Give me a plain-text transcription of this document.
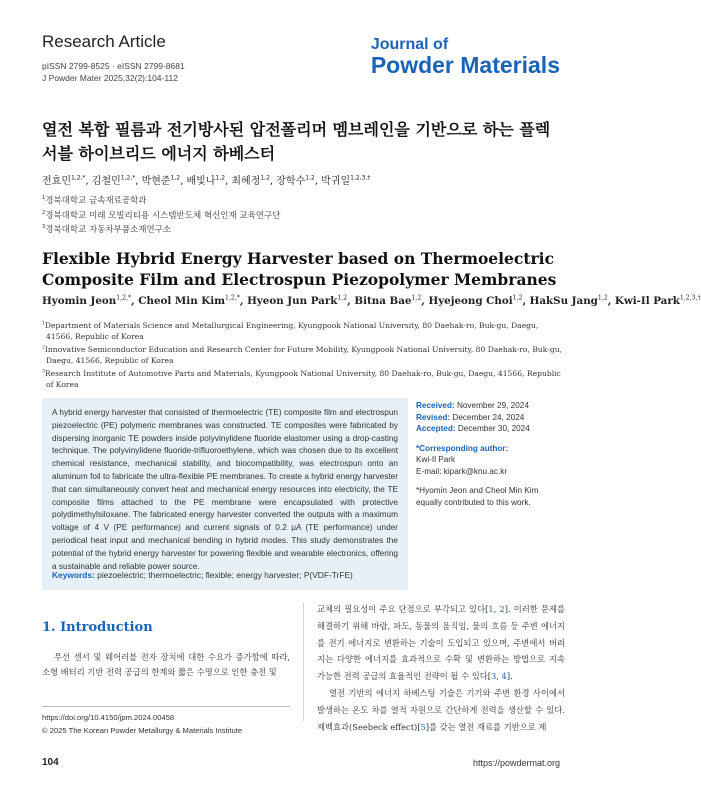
Research Article
pISSN 2799-8525 · eISSN 2799-8681
J Powder Mater 2025;32(2):104-112
Journal of
Powder Materials
열전 복합 필름과 전기방사된 압전폴리머 멤브레인을 기반으로 하는 플렉서블 하이브리드 에너지 하베스터
전효민$^{1,2,*}$, 김철민$^{1,2,*}$, 박현준$^{1,2}$, 배빛나$^{1,2}$, 최혜정$^{1,2}$, 장학수$^{1,2}$, 박귀일$^{1,2,3,\dagger}$
$^1$경북대학교 금속재료공학과
$^2$경북대학교 미래 모빌리티용 시스템반도체 혁신인재 교육연구단
$^3$경북대학교 자동차부품소재연구소
Flexible Hybrid Energy Harvester based on Thermoelectric Composite Film and Electrospun Piezopolymer Membranes
Hyomin Jeon$^{1,2,*}$, Cheol Min Kim$^{1,2,*}$, Hyeon Jun Park$^{1,2}$, Bitna Bae$^{1,2}$, Hyejeong Choi$^{1,2}$, HakSu Jang$^{1,2}$, Kwi-Il Park$^{1,2,3,\dagger}$
$^1$Department of Materials Science and Metallurgical Engineering, Kyungpook National University, 80 Daehak-ro, Buk-gu, Daegu, 41566, Republic of Korea
$^2$Innovative Semiconductor Education and Research Center for Future Mobility, Kyungpook National University, 80 Daehak-ro, Buk-gu, Daegu, 41566, Republic of Korea
$^3$Research Institute of Automotive Parts and Materials, Kyungpook National University, 80 Daehak-ro, Buk-gu, Daegu, 41566, Republic of Korea
A hybrid energy harvester that consisted of thermoelectric (TE) composite film and electrospun piezoelectric (PE) polymeric membranes was constructed. TE composites were fabricated by dispersing inorganic TE powders inside polyvinylidene fluoride elastomer using a drop-casting technique. The polyvinylidene fluoride-trifluoroethylene, which was chosen due to its excellent chemical resistance, mechanical stability, and biocompatibility, was electrospun onto an aluminum foil to fabricate the ultra-flexible PE membranes. To create a hybrid energy harvester that can simultaneously convert heat and mechanical energy resources into electricity, the TE composite films attached to the PE membrane were encapsulated with protective polydimethylsiloxane. The fabricated energy harvester converted the outputs with a maximum voltage of 4 V (PE performance) and current signals of 0.2 μA (TE performance) under periodical heat input and mechanical bending in hybrid modes. This study demonstrates the potential of the hybrid energy harvester for powering flexible and wearable electronics, offering a sustainable and reliable power source.
Keywords: piezoelectric; thermoelectric; flexible; energy harvester; P(VDF-TrFE)
Received: November 29, 2024
Revised: December 24, 2024
Accepted: December 30, 2024
*Corresponding author:
Kwi-Il Park
E-mail: kipark@knu.ac.kr
*Hyomin Jeon and Cheol Min Kim equally contributed to this work.
1. Introduction
무선 센서 및 웨어러블 전자 장치에 대한 수요가 증가함에 따라, 소형 배터리 기반 전력 공급의 한계와 짧은 수명으로 인한 충전 및
교체의 필요성이 주요 단점으로 부각되고 있다[1, 2]. 이러한 문제를 해결하기 위해 바람, 파도, 동물의 움직임, 물의 흐름 등 주변 에너지를 전기 에너지로 변환하는 기술이 도입되고 있으며, 주변에서 버려지는 다양한 에너지를 효과적으로 수확 및 변환하는 방법으로 지속 가능한 전력 공급의 효율적인 전략이 될 수 있다[3, 4].
열전 기반의 에너지 하베스팅 기술은 기기와 주변 환경 사이에서 발생하는 온도 차를 열적 자원으로 간단하게 전력을 생산할 수 있다. 제벡효과(Seebeck effect)[5]를 갖는 열전 재료를 기반으로 제
https://doi.org/10.4150/jpm.2024.00458
© 2025 The Korean Powder Metallurgy & Materials Institute
104	https://powdermat.org
